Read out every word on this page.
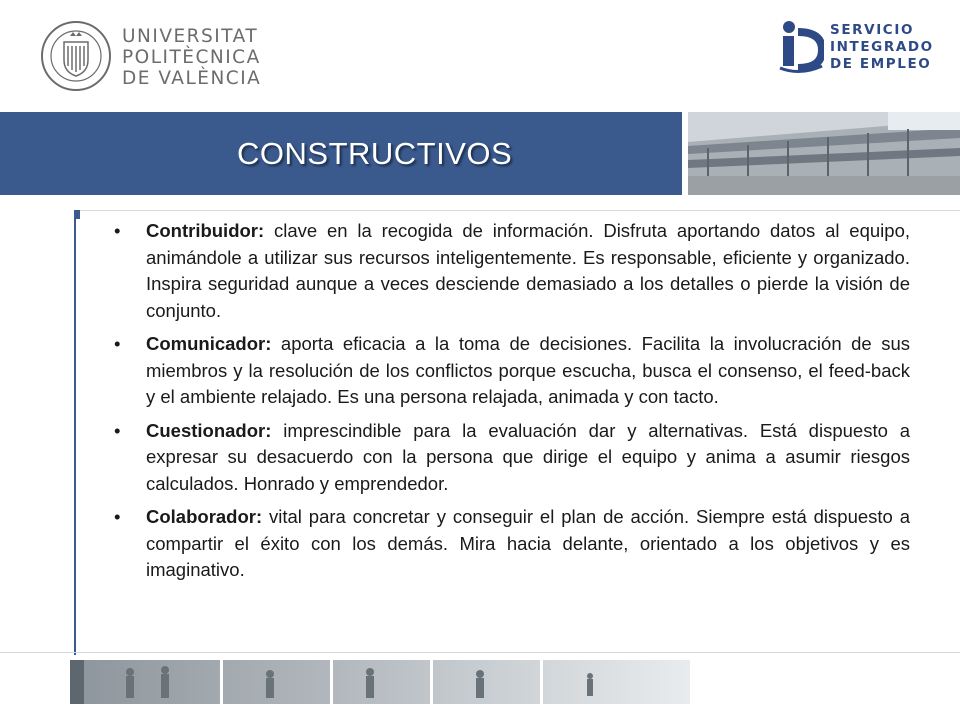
UNIVERSITAT
POLITÈCNICA
DE VALÈNCIA
SERVICIO
INTEGRADO
DE EMPLEO
CONSTRUCTIVOS
• Contribuidor: clave en la recogida de información. Disfruta aportando datos al equipo, animándole a utilizar sus recursos inteligentemente. Es responsable, eficiente y organizado. Inspira seguridad aunque a veces desciende demasiado a los detalles o pierde la visión de conjunto.
• Comunicador: aporta eficacia a la toma de decisiones. Facilita la involucración de sus miembros y la resolución de los conflictos porque escucha, busca el consenso, el feed-back y el ambiente relajado. Es una persona relajada, animada y con tacto.
• Cuestionador: imprescindible para la evaluación dar y alternativas. Está dispuesto a expresar su desacuerdo con la persona que dirige el equipo y anima a asumir riesgos calculados. Honrado y emprendedor.
• Colaborador: vital para concretar y conseguir el plan de acción. Siempre está dispuesto a compartir el éxito con los demás. Mira hacia delante, orientado a los objetivos y es imaginativo.
